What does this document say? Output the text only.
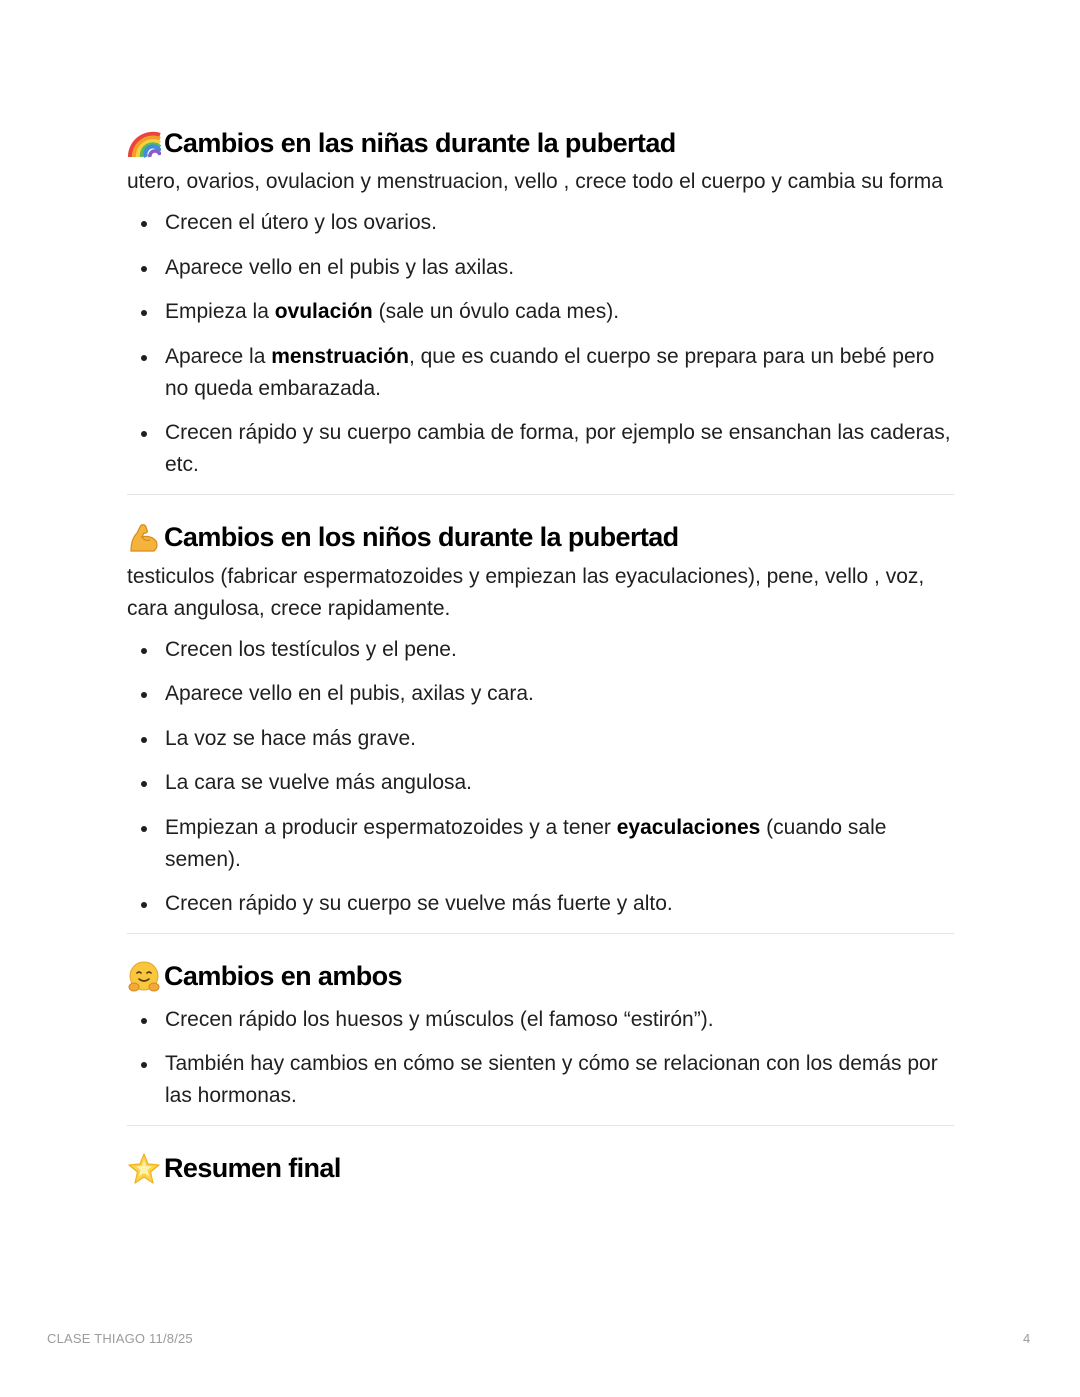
Cambios en las niñas durante la pubertad

utero, ovarios, ovulacion y menstruacion, vello , crece todo el cuerpo y cambia su forma

Crecen el útero y los ovarios.
Aparece vello en el pubis y las axilas.
Empieza la ovulación (sale un óvulo cada mes).
Aparece la menstruación, que es cuando el cuerpo se prepara para un bebé pero no queda embarazada.
Crecen rápido y su cuerpo cambia de forma, por ejemplo se ensanchan las caderas, etc.
Cambios en los niños durante la pubertad

testiculos (fabricar espermatozoides y empiezan las eyaculaciones), pene, vello , voz, cara angulosa, crece rapidamente.

Crecen los testículos y el pene.
Aparece vello en el pubis, axilas y cara.
La voz se hace más grave.
La cara se vuelve más angulosa.
Empiezan a producir espermatozoides y a tener eyaculaciones (cuando sale semen).
Crecen rápido y su cuerpo se vuelve más fuerte y alto.
Cambios en ambos
Crecen rápido los huesos y músculos (el famoso “estirón”).
También hay cambios en cómo se sienten y cómo se relacionan con los demás por las hormonas.
Resumen final
CLASE THIAGO 11/8/25	4
